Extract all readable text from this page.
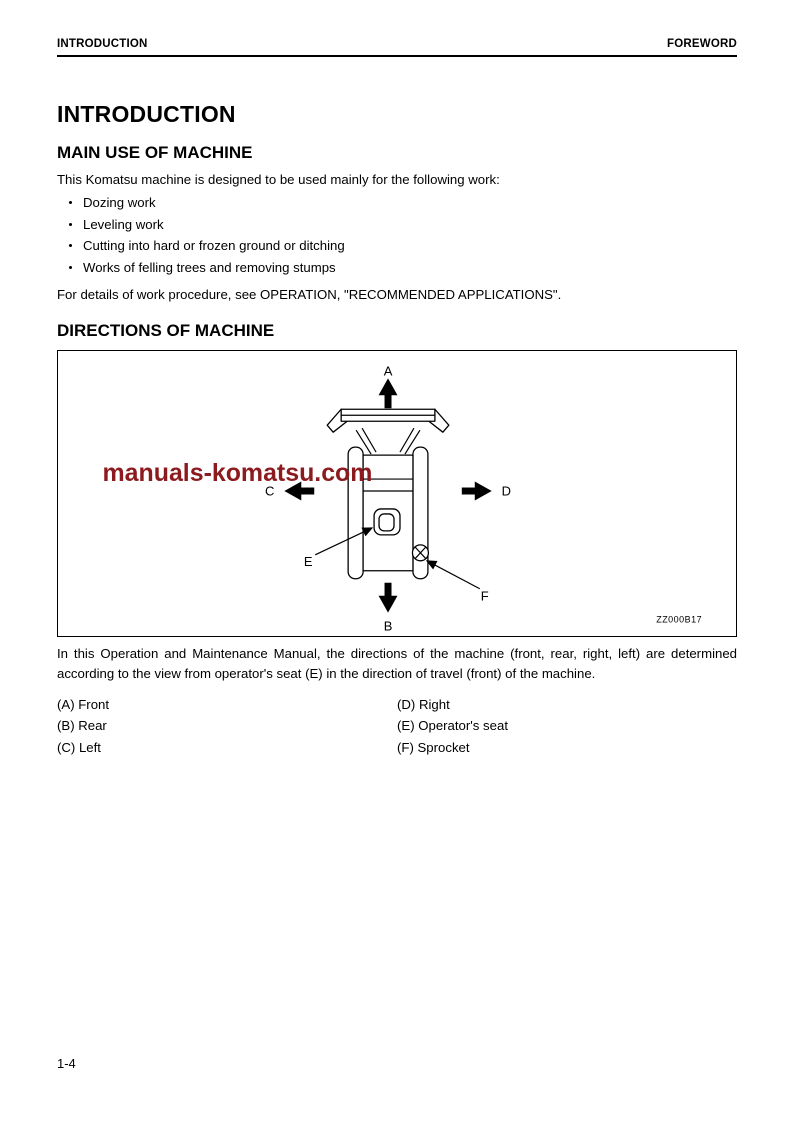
INTRODUCTION	FOREWORD
INTRODUCTION
MAIN USE OF MACHINE

This Komatsu machine is designed to be used mainly for the following work:

Dozing work
Leveling work
Cutting into hard or frozen ground or ditching
Works of felling trees and removing stumps

For details of work procedure, see OPERATION, "RECOMMENDED APPLICATIONS".

DIRECTIONS OF MACHINE
A
B
C	D
E
F
manuals-komatsu.com
ZZ000B17

In this Operation and Maintenance Manual, the directions of the machine (front, rear, right, left) are determined according to the view from operator's seat (E) in the direction of travel (front) of the machine.

(A) Front	(D) Right
(B) Rear	(E) Operator's seat
(C) Left	(F) Sprocket
1-4
